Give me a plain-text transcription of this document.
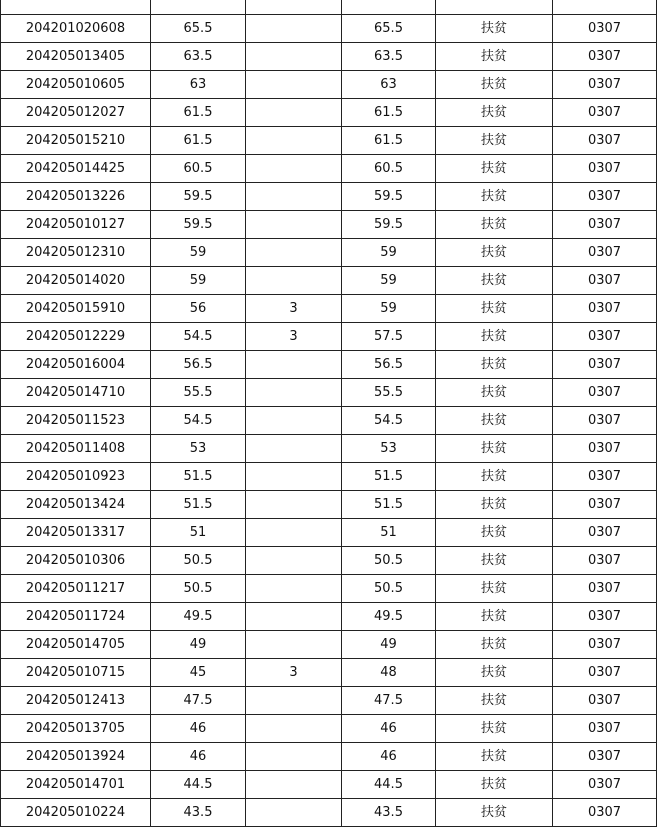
204201020608	65.5		65.5	扶贫	0307
204205013405	63.5		63.5	扶贫	0307
204205010605	63		63	扶贫	0307
204205012027	61.5		61.5	扶贫	0307
204205015210	61.5		61.5	扶贫	0307
204205014425	60.5		60.5	扶贫	0307
204205013226	59.5		59.5	扶贫	0307
204205010127	59.5		59.5	扶贫	0307
204205012310	59		59	扶贫	0307
204205014020	59		59	扶贫	0307
204205015910	56	3	59	扶贫	0307
204205012229	54.5	3	57.5	扶贫	0307
204205016004	56.5		56.5	扶贫	0307
204205014710	55.5		55.5	扶贫	0307
204205011523	54.5		54.5	扶贫	0307
204205011408	53		53	扶贫	0307
204205010923	51.5		51.5	扶贫	0307
204205013424	51.5		51.5	扶贫	0307
204205013317	51		51	扶贫	0307
204205010306	50.5		50.5	扶贫	0307
204205011217	50.5		50.5	扶贫	0307
204205011724	49.5		49.5	扶贫	0307
204205014705	49		49	扶贫	0307
204205010715	45	3	48	扶贫	0307
204205012413	47.5		47.5	扶贫	0307
204205013705	46		46	扶贫	0307
204205013924	46		46	扶贫	0307
204205014701	44.5		44.5	扶贫	0307
204205010224	43.5		43.5	扶贫	0307
